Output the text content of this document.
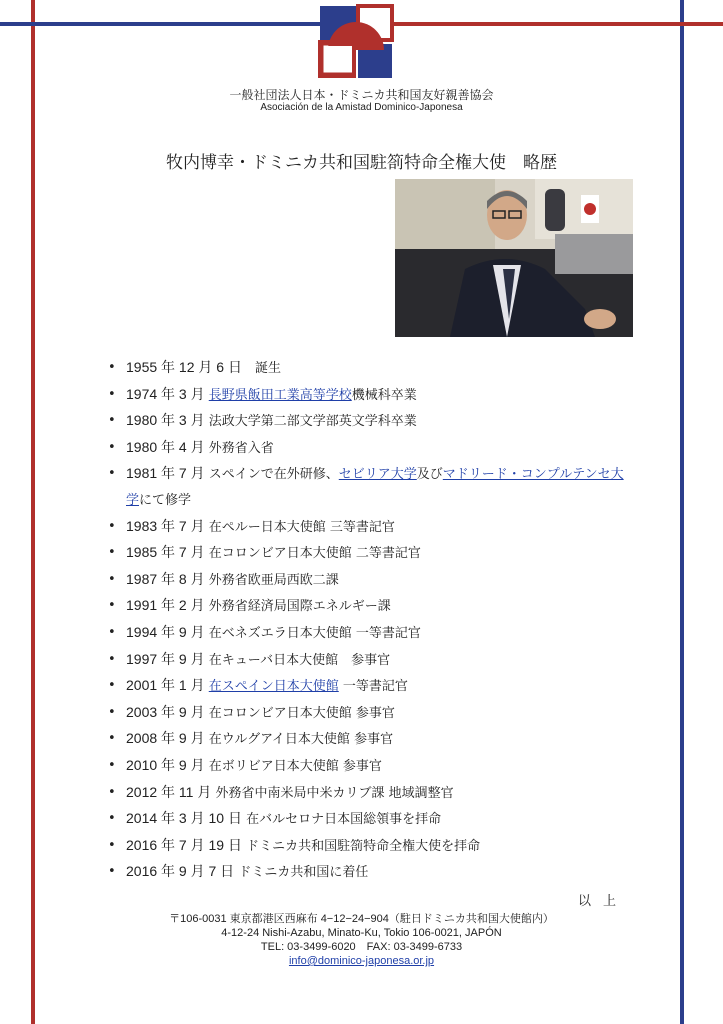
一般社団法人日本・ドミニカ共和国友好親善協会
Asociación de la Amistad Dominico-Japonesa
牧内博幸・ドミニカ共和国駐箚特命全権大使　略歴
• 1955 年 12 月 6 日　誕生
• 1974 年 3 月 長野県飯田工業高等学校機械科卒業
• 1980 年 3 月 法政大学第二部文学部英文学科卒業
• 1980 年 4 月 外務省入省
• 1981 年 7 月 スペインで在外研修、セビリア大学及びマドリード・コンプルテンセ大学にて修学
• 1983 年 7 月 在ペルー日本大使館 三等書記官
• 1985 年 7 月 在コロンビア日本大使館 二等書記官
• 1987 年 8 月 外務省欧亜局西欧二課
• 1991 年 2 月 外務省経済局国際エネルギー課
• 1994 年 9 月 在ベネズエラ日本大使館 一等書記官
• 1997 年 9 月 在キューバ日本大使館　参事官
• 2001 年 1 月 在スペイン日本大使館 一等書記官
• 2003 年 9 月 在コロンビア日本大使館 参事官
• 2008 年 9 月 在ウルグアイ日本大使館 参事官
• 2010 年 9 月 在ボリビア日本大使館 参事官
• 2012 年 11 月 外務省中南米局中米カリブ課 地域調整官
• 2014 年 3 月 10 日 在バルセロナ日本国総領事を拝命
• 2016 年 7 月 19 日 ドミニカ共和国駐箚特命全権大使を拝命
• 2016 年 9 月 7 日 ドミニカ共和国に着任
以上
〒106-0031 東京都港区西麻布 4−12−24−904（駐日ドミニカ共和国大使館内）
4-12-24 Nishi-Azabu, Minato-Ku, Tokio 106-0021, JAPÓN
TEL: 03-3499-6020　FAX: 03-3499-6733
info@dominico-japonesa.or.jp
